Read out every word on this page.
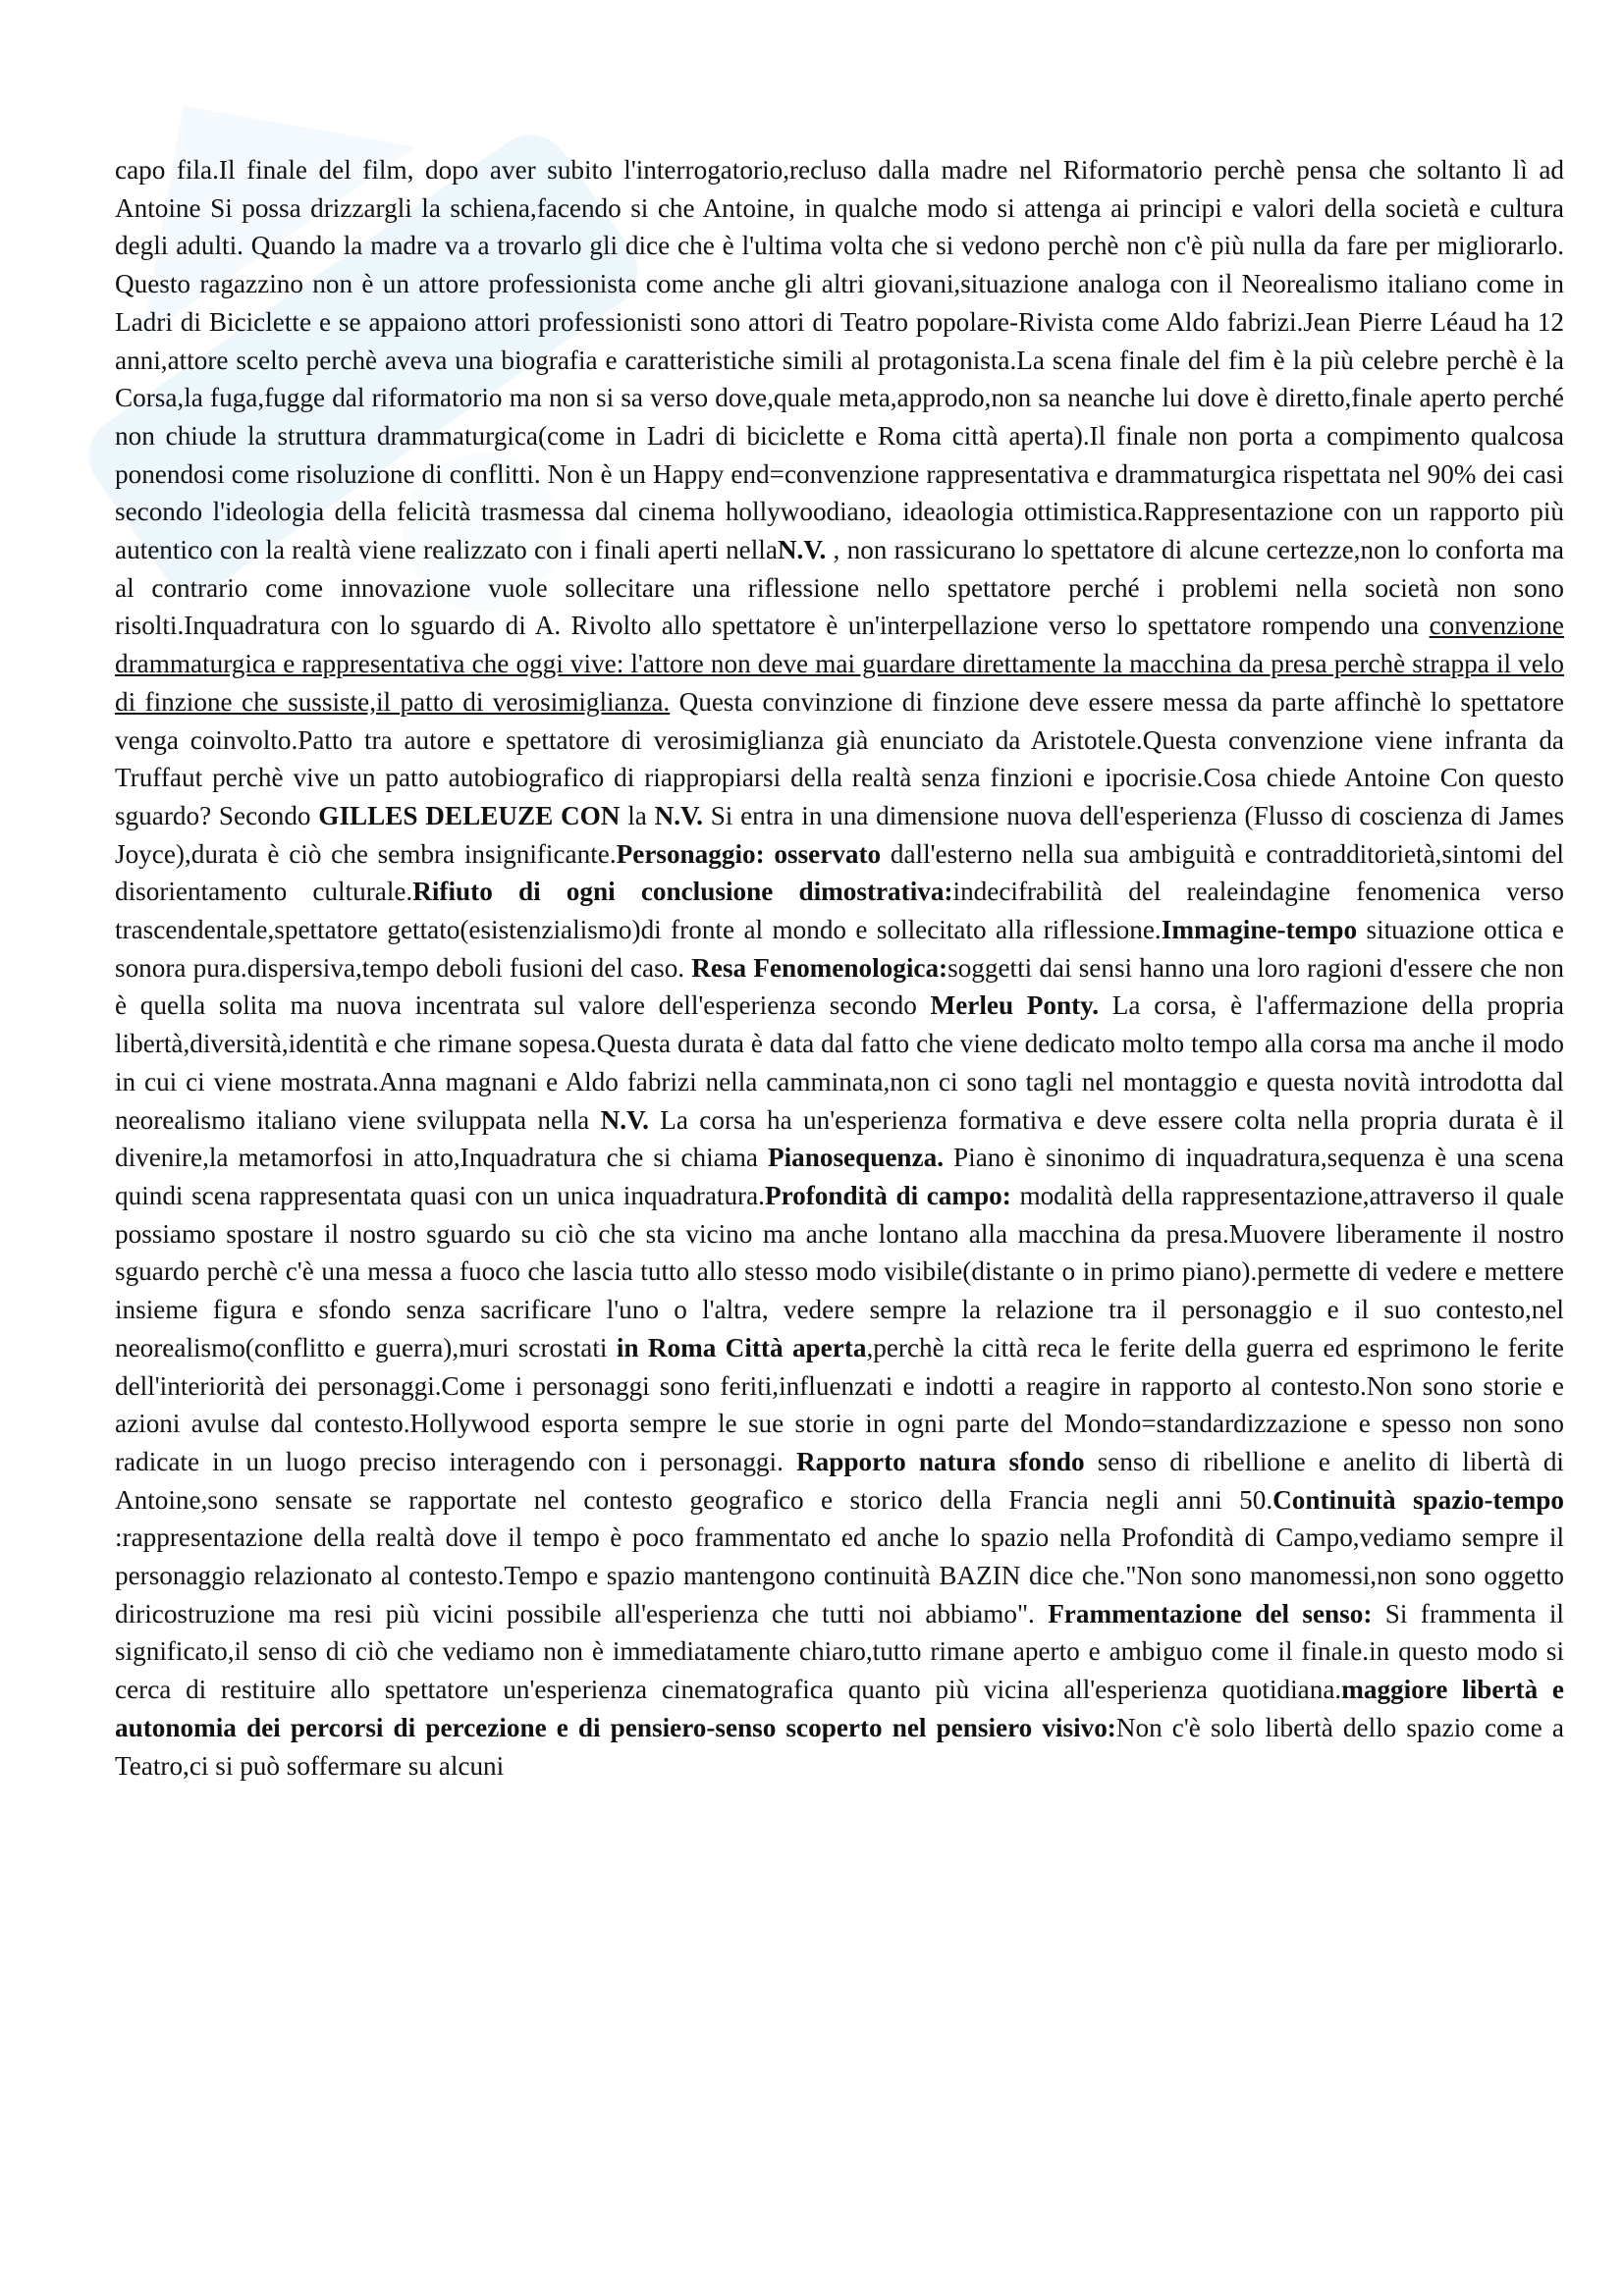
capo fila.Il finale del film, dopo aver subito l'interrogatorio,recluso dalla madre nel Riformatorio perchè pensa che soltanto lì ad Antoine Si possa drizzargli la schiena,facendo si che Antoine, in qualche modo si attenga ai principi e valori della società e cultura degli adulti. Quando la madre va a trovarlo gli dice che è l'ultima volta che si vedono perchè non c'è più nulla da fare per migliorarlo. Questo ragazzino non è un attore professionista come anche gli altri giovani,situazione analoga con il Neorealismo italiano come in Ladri di Biciclette e se appaiono attori professionisti sono attori di Teatro popolare-Rivista come Aldo fabrizi.Jean Pierre Léaud ha 12 anni,attore scelto perchè aveva una biografia e caratteristiche simili al protagonista.La scena finale del fim è la più celebre perchè è la Corsa,la fuga,fugge dal riformatorio ma non si sa verso dove,quale meta,approdo,non sa neanche lui dove è diretto,finale aperto perché non chiude la struttura drammaturgica(come in Ladri di biciclette e Roma città aperta).Il finale non porta a compimento qualcosa ponendosi come risoluzione di conflitti. Non è un Happy end=convenzione rappresentativa e drammaturgica rispettata nel 90% dei casi secondo l'ideologia della felicità trasmessa dal cinema hollywoodiano, ideaologia ottimistica.Rappresentazione con un rapporto più autentico con la realtà viene realizzato con i finali aperti nellaN.V. , non rassicurano lo spettatore di alcune certezze,non lo conforta ma al contrario come innovazione vuole sollecitare una riflessione nello spettatore perché i problemi nella società non sono risolti.Inquadratura con lo sguardo di A. Rivolto allo spettatore è un'interpellazione verso lo spettatore rompendo una convenzione drammaturgica e rappresentativa che oggi vive: l'attore non deve mai guardare direttamente la macchina da presa perchè strappa il velo di finzione che sussiste,il patto di verosimiglianza. Questa convinzione di finzione deve essere messa da parte affinchè lo spettatore venga coinvolto.Patto tra autore e spettatore di verosimiglianza già enunciato da Aristotele.Questa convenzione viene infranta da Truffaut perchè vive un patto autobiografico di riappropiarsi della realtà senza finzioni e ipocrisie.Cosa chiede Antoine Con questo sguardo? Secondo GILLES DELEUZE CON la N.V. Si entra in una dimensione nuova dell'esperienza (Flusso di coscienza di James Joyce),durata è ciò che sembra insignificante.Personaggio: osservato dall'esterno nella sua ambiguità e contradditorietà,sintomi del disorientamento culturale.Rifiuto di ogni conclusione dimostrativa:indecifrabilità del realeindagine fenomenica verso trascendentale,spettatore gettato(esistenzialismo)di fronte al mondo e sollecitato alla riflessione.Immagine-tempo situazione ottica e sonora pura.dispersiva,tempo deboli fusioni del caso. Resa Fenomenologica:soggetti dai sensi hanno una loro ragioni d'essere che non è quella solita ma nuova incentrata sul valore dell'esperienza secondo Merleu Ponty. La corsa, è l'affermazione della propria libertà,diversità,identità e che rimane sopesa.Questa durata è data dal fatto che viene dedicato molto tempo alla corsa ma anche il modo in cui ci viene mostrata.Anna magnani e Aldo fabrizi nella camminata,non ci sono tagli nel montaggio e questa novità introdotta dal neorealismo italiano viene sviluppata nella N.V. La corsa ha un'esperienza formativa e deve essere colta nella propria durata è il divenire,la metamorfosi in atto,Inquadratura che si chiama Pianosequenza. Piano è sinonimo di inquadratura,sequenza è una scena quindi scena rappresentata quasi con un unica inquadratura.Profondità di campo: modalità della rappresentazione,attraverso il quale possiamo spostare il nostro sguardo su ciò che sta vicino ma anche lontano alla macchina da presa.Muovere liberamente il nostro sguardo perchè c'è una messa a fuoco che lascia tutto allo stesso modo visibile(distante o in primo piano).permette di vedere e mettere insieme figura e sfondo senza sacrificare l'uno o l'altra, vedere sempre la relazione tra il personaggio e il suo contesto,nel neorealismo(conflitto e guerra),muri scrostati in Roma Città aperta,perchè la città reca le ferite della guerra ed esprimono le ferite dell'interiorità dei personaggi.Come i personaggi sono feriti,influenzati e indotti a reagire in rapporto al contesto.Non sono storie e azioni avulse dal contesto.Hollywood esporta sempre le sue storie in ogni parte del Mondo=standardizzazione e spesso non sono radicate in un luogo preciso interagendo con i personaggi. Rapporto natura sfondo senso di ribellione e anelito di libertà di Antoine,sono sensate se rapportate nel contesto geografico e storico della Francia negli anni 50.Continuità spazio-tempo :rappresentazione della realtà dove il tempo è poco frammentato ed anche lo spazio nella Profondità di Campo,vediamo sempre il personaggio relazionato al contesto.Tempo e spazio mantengono continuità BAZIN dice che."Non sono manomessi,non sono oggetto diricostruzione ma resi più vicini possibile all'esperienza che tutti noi abbiamo". Frammentazione del senso: Si frammenta il significato,il senso di ciò che vediamo non è immediatamente chiaro,tutto rimane aperto e ambiguo come il finale.in questo modo si cerca di restituire allo spettatore un'esperienza cinematografica quanto più vicina all'esperienza quotidiana.maggiore libertà e autonomia dei percorsi di percezione e di pensiero-senso scoperto nel pensiero visivo:Non c'è solo libertà dello spazio come a Teatro,ci si può soffermare su alcuni
